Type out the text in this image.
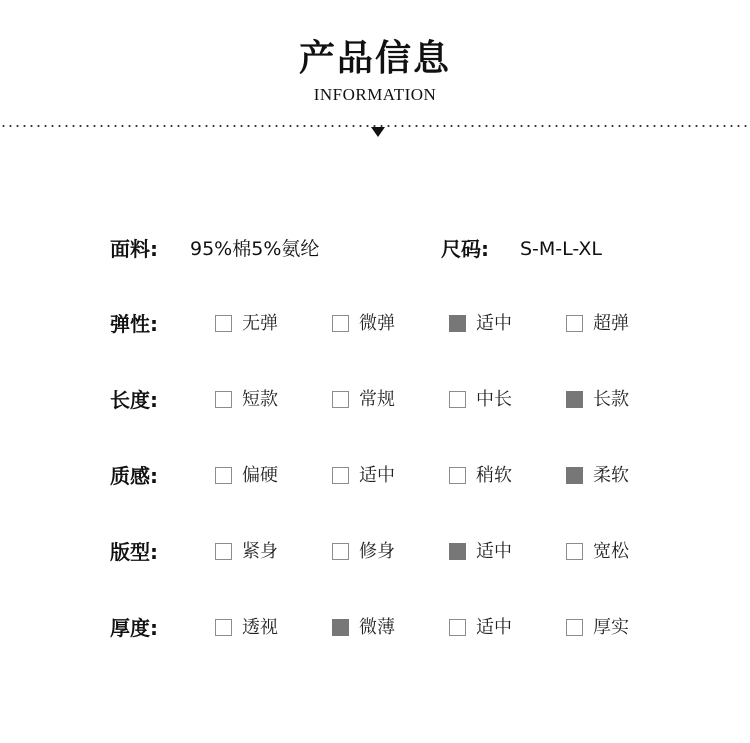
产品信息
INFORMATION
面料: 95%棉5%氨纶	尺码: S-M-L-XL
弹性:	无弹	微弹	适中	超弹
长度:	短款	常规	中长	长款
质感:	偏硬	适中	稍软	柔软
版型:	紧身	修身	适中	宽松
厚度:	透视	微薄	适中	厚实
